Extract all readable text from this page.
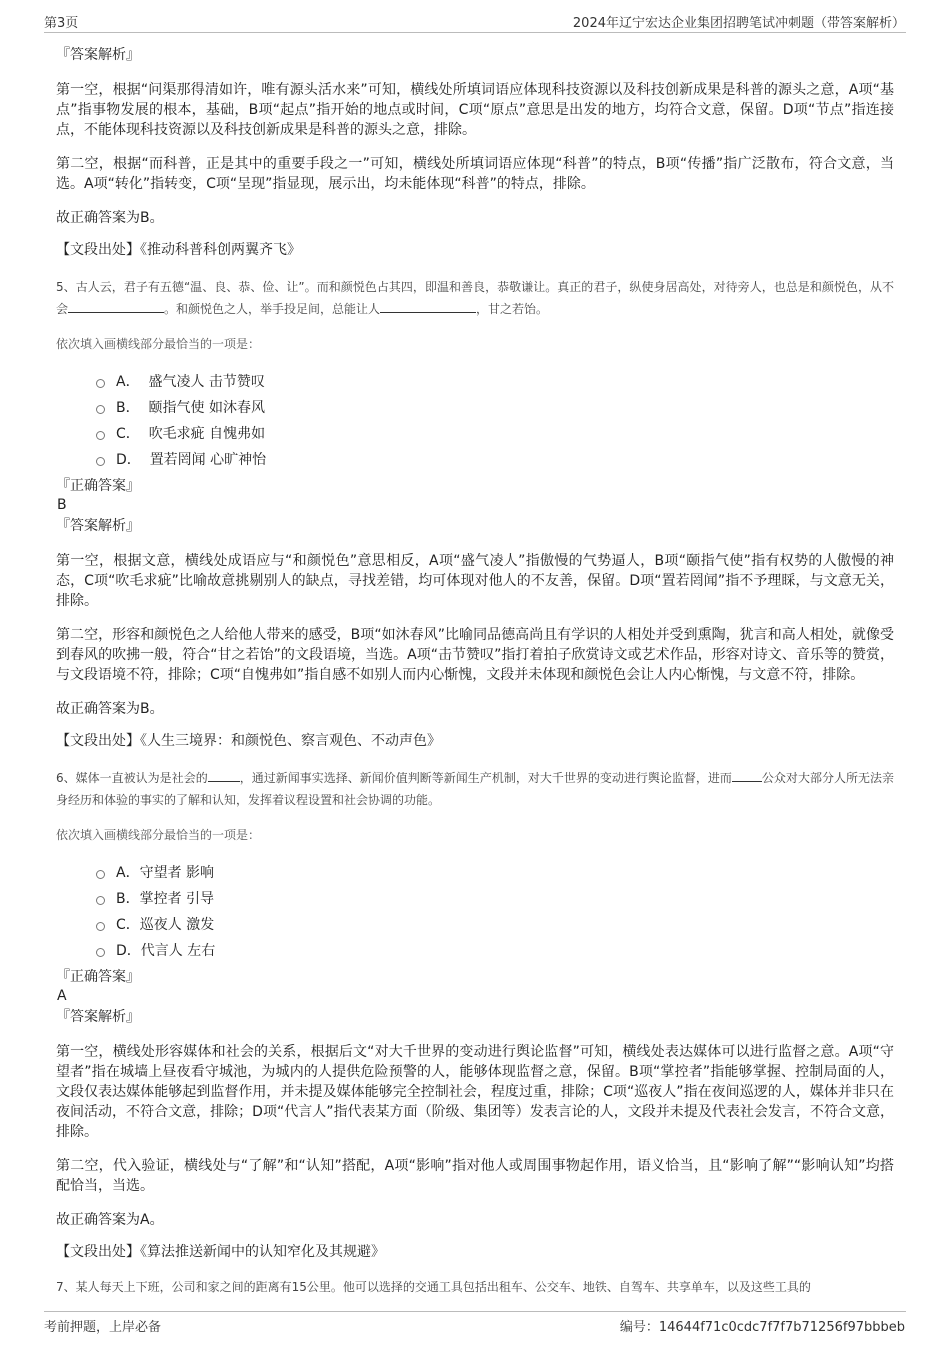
第3页	2024年辽宁宏达企业集团招聘笔试冲刺题（带答案解析）

『答案解析』

第一空，根据“问渠那得清如许，唯有源头活水来”可知，横线处所填词语应体现科技资源以及科技创新成果是科普的源头之意，A项“基点”指事物发展的根本，基础，B项“起点”指开始的地点或时间，C项“原点”意思是出发的地方，均符合文意，保留。D项“节点”指连接点，不能体现科技资源以及科技创新成果是科普的源头之意，排除。

第二空，根据“而科普，正是其中的重要手段之一”可知，横线处所填词语应体现“科普”的特点，B项“传播”指广泛散布，符合文意，当选。A项“转化”指转变，C项“呈现”指显现，展示出，均未能体现“科普”的特点，排除。

故正确答案为B。

【文段出处】《推动科普科创两翼齐飞》

5、古人云，君子有五德“温、良、恭、俭、让”。而和颜悦色占其四，即温和善良，恭敬谦让。真正的君子，纵使身居高处，对待旁人，也总是和颜悦色，从不会	。和颜悦色之人，举手投足间，总能让人	，甘之若饴。

依次填入画横线部分最恰当的一项是：

A． 盛气凌人 击节赞叹
B． 颐指气使 如沐春风
C． 吹毛求疵 自愧弗如
D． 置若罔闻 心旷神怡

『正确答案』

B

『答案解析』

第一空，根据文意，横线处成语应与“和颜悦色”意思相反，A项“盛气凌人”指傲慢的气势逼人，B项“颐指气使”指有权势的人傲慢的神态，C项“吹毛求疵”比喻故意挑剔别人的缺点，寻找差错，均可体现对他人的不友善，保留。D项“置若罔闻”指不予理睬，与文意无关，排除。

第二空，形容和颜悦色之人给他人带来的感受，B项“如沐春风”比喻同品德高尚且有学识的人相处并受到熏陶，犹言和高人相处，就像受到春风的吹拂一般，符合“甘之若饴”的文段语境，当选。A项“击节赞叹”指打着拍子欣赏诗文或艺术作品，形容对诗文、音乐等的赞赏，与文段语境不符，排除；C项“自愧弗如”指自感不如别人而内心惭愧，文段并未体现和颜悦色会让人内心惭愧，与文意不符，排除。

故正确答案为B。

【文段出处】《人生三境界：和颜悦色、察言观色、不动声色》

6、媒体一直被认为是社会的	，通过新闻事实选择、新闻价值判断等新闻生产机制，对大千世界的变动进行舆论监督，进而	公众对大部分人所无法亲身经历和体验的事实的了解和认知，发挥着议程设置和社会协调的功能。

依次填入画横线部分最恰当的一项是：

A．守望者 影响
B．掌控者 引导
C．巡夜人 激发
D．代言人 左右

『正确答案』

A

『答案解析』

第一空，横线处形容媒体和社会的关系，根据后文“对大千世界的变动进行舆论监督”可知，横线处表达媒体可以进行监督之意。A项“守望者”指在城墙上昼夜看守城池，为城内的人提供危险预警的人，能够体现监督之意，保留。B项“掌控者”指能够掌握、控制局面的人，文段仅表达媒体能够起到监督作用，并未提及媒体能够完全控制社会，程度过重，排除；C项“巡夜人”指在夜间巡逻的人，媒体并非只在夜间活动，不符合文意，排除；D项“代言人”指代表某方面（阶级、集团等）发表言论的人，文段并未提及代表社会发言，不符合文意，排除。

第二空，代入验证，横线处与“了解”和“认知”搭配，A项“影响”指对他人或周围事物起作用，语义恰当，且“影响了解”“影响认知”均搭配恰当，当选。

故正确答案为A。

【文段出处】《算法推送新闻中的认知窄化及其规避》

7、某人每天上下班，公司和家之间的距离有15公里。他可以选择的交通工具包括出租车、公交车、地铁、自驾车、共享单车，以及这些工具的

考前押题，上岸必备	编号：14644f71c0cdc7f7f7b71256f97bbbeb
